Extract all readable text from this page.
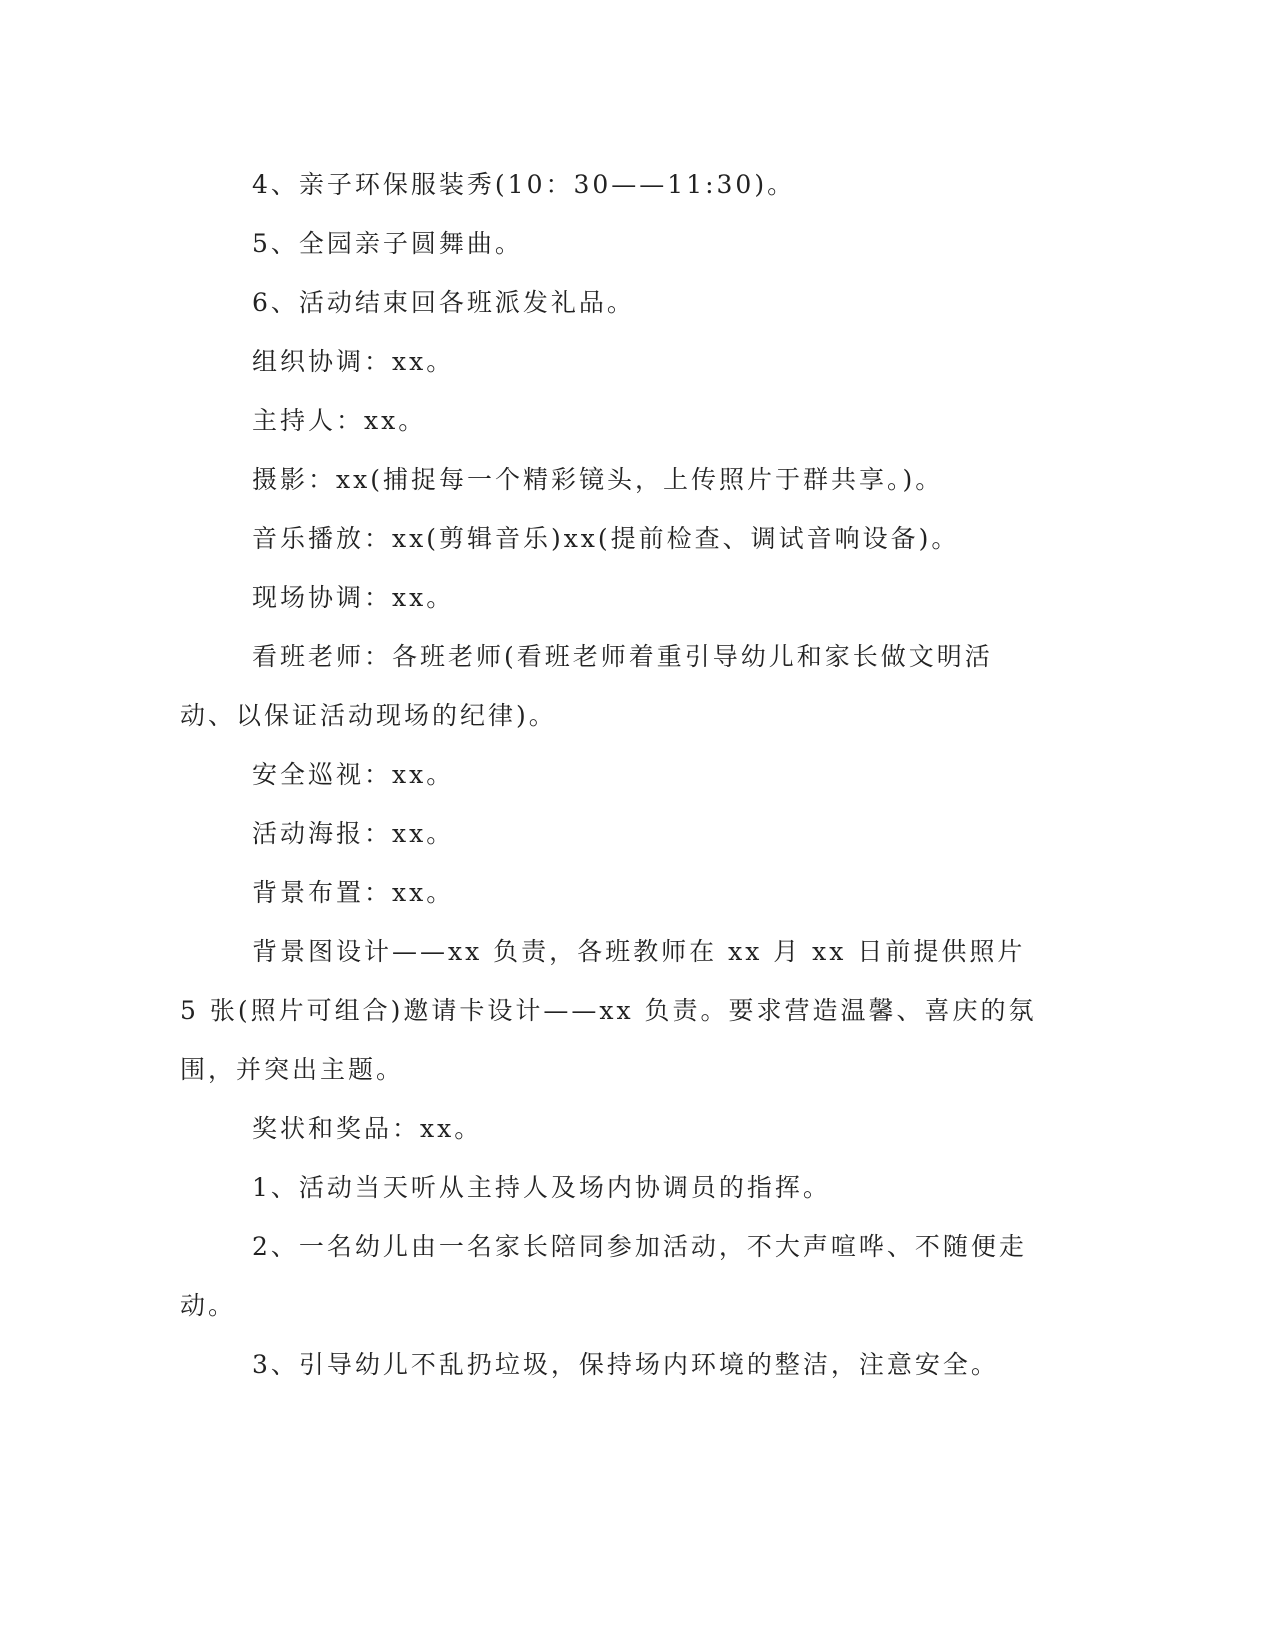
4、亲子环保服装秀(10：30——11:30)。

5、全园亲子圆舞曲。

6、活动结束回各班派发礼品。

组织协调：xx。

主持人：xx。

摄影：xx(捕捉每一个精彩镜头，上传照片于群共享。)。

音乐播放：xx(剪辑音乐)xx(提前检查、调试音响设备)。

现场协调：xx。

看班老师：各班老师(看班老师着重引导幼儿和家长做文明活动、以保证活动现场的纪律)。

安全巡视：xx。

活动海报：xx。

背景布置：xx。

背景图设计——xx 负责，各班教师在 xx 月 xx 日前提供照片 5 张(照片可组合)邀请卡设计——xx 负责。要求营造温馨、喜庆的氛围，并突出主题。

奖状和奖品：xx。

1、活动当天听从主持人及场内协调员的指挥。

2、一名幼儿由一名家长陪同参加活动，不大声喧哗、不随便走动。

3、引导幼儿不乱扔垃圾，保持场内环境的整洁，注意安全。
